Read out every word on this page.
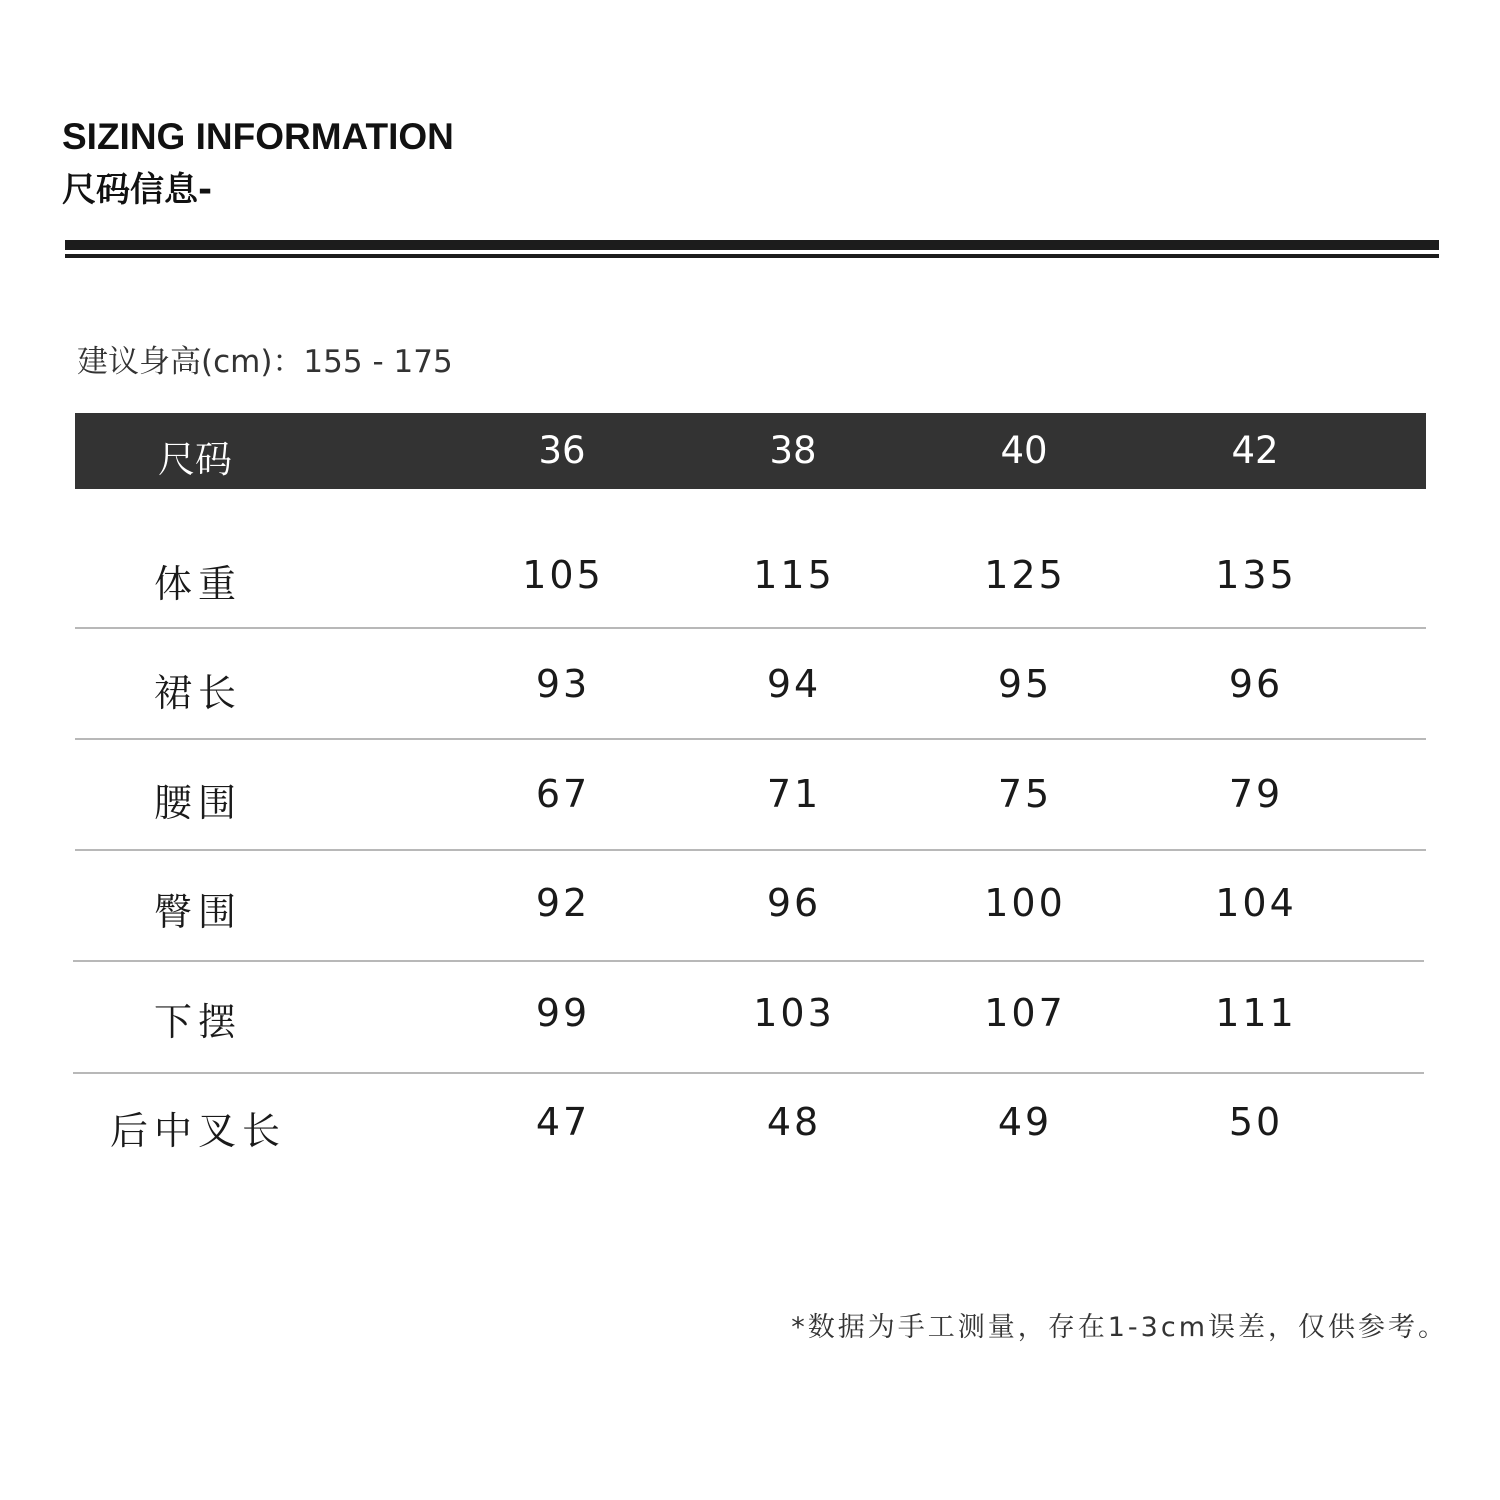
SIZING INFORMATION
尺码信息-
建议身高(cm)：155 - 175
尺码	36	38	40	42
体重	105	115	125	135
裙长	93	94	95	96
腰围	67	71	75	79
臀围	92	96	100	104
下摆	99	103	107	111
后中叉长	47	48	49	50
*数据为手工测量，存在1-3cm误差，仅供参考。
